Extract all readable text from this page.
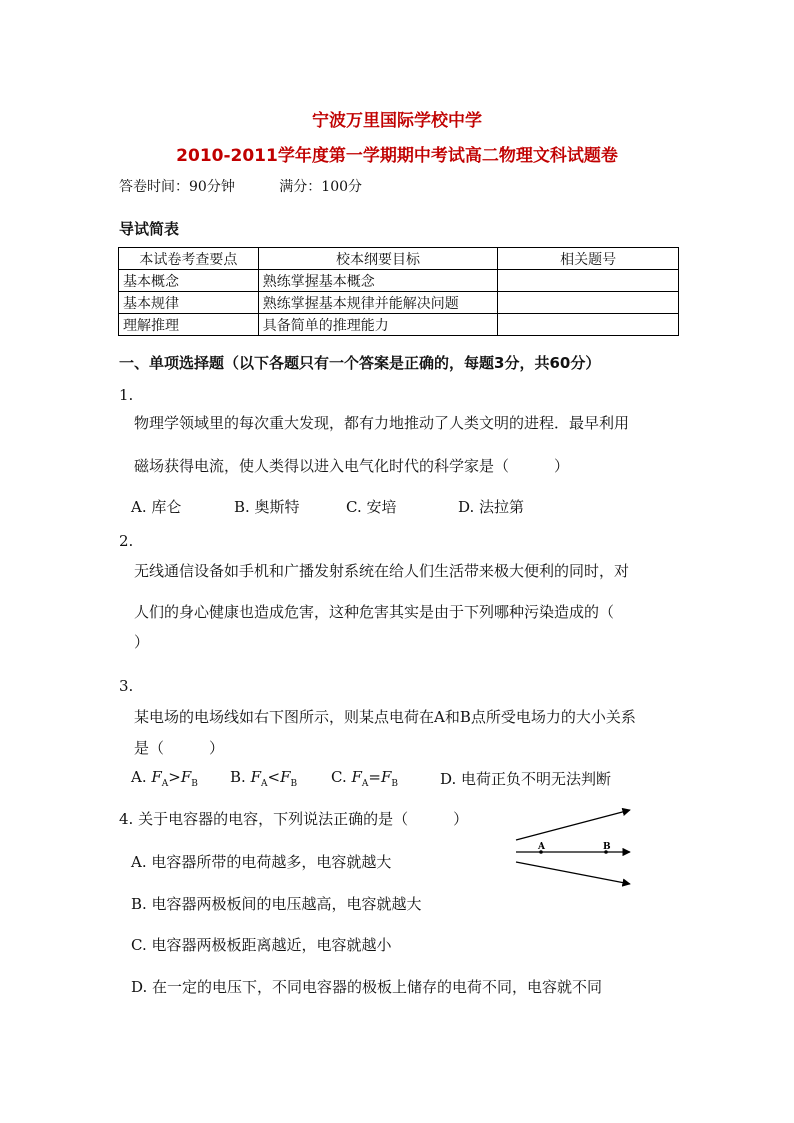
宁波万里国际学校中学
2010-2011学年度第一学期期中考试高二物理文科试题卷
答卷时间：90分钟	满分：100分
导试简表
本试卷考查要点	校本纲要目标	相关题号
基本概念	熟练掌握基本概念	
基本规律	熟练掌握基本规律并能解决问题	
理解推理	具备简单的推理能力	
一、单项选择题（以下各题只有一个答案是正确的，每题3分，共60分）
1.
物理学领域里的每次重大发现，都有力地推动了人类文明的进程．最早利用
磁场获得电流，使人类得以进入电气化时代的科学家是（　　　）
A. 库仑	B. 奥斯特	C. 安培	D. 法拉第
2.
无线通信设备如手机和广播发射系统在给人们生活带来极大便利的同时，对
人们的身心健康也造成危害，这种危害其实是由于下列哪种污染造成的（
）
3.
某电场的电场线如右下图所示，则某点电荷在A和B点所受电场力的大小关系
是（　　　）
A. $F_A>F_B$ B. $F_A<F_B$ C. $F_A=F_B$	D. 电荷正负不明无法判断
4. 关于电容器的电容，下列说法正确的是（　　　）
A. 电容器所带的电荷越多，电容就越大
B. 电容器两极板间的电压越高，电容就越大
C. 电容器两极板距离越近，电容就越小
D. 在一定的电压下，不同电容器的极板上储存的电荷不同，电容就不同
A	B
